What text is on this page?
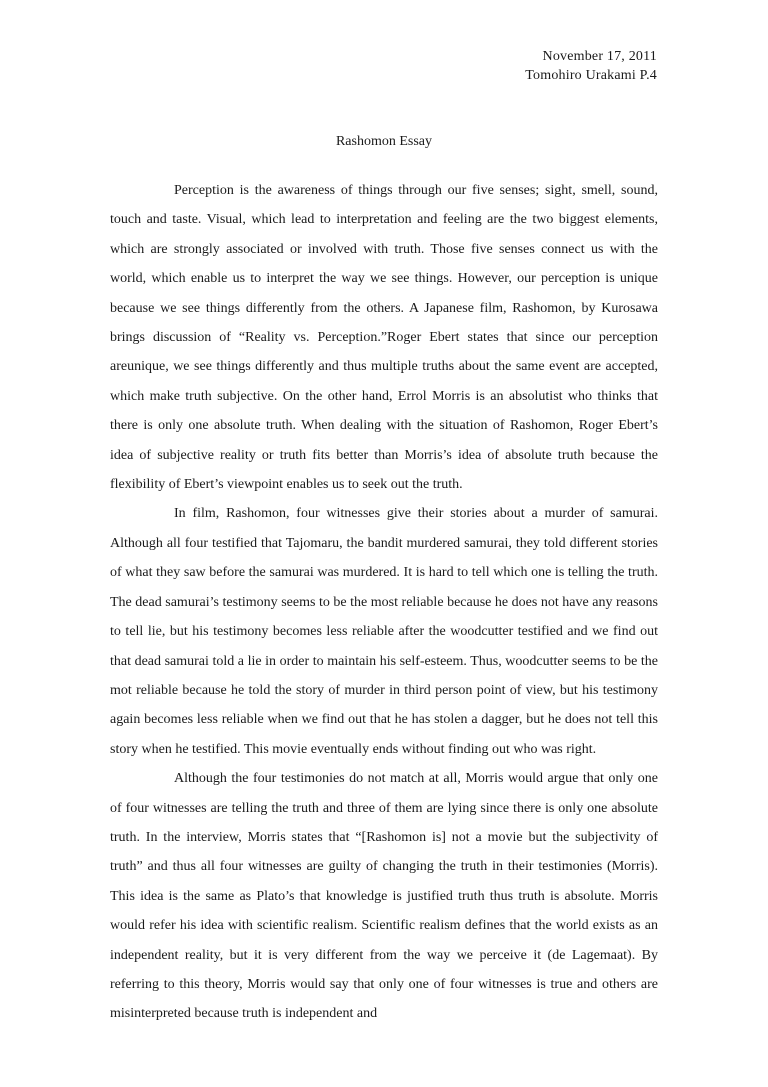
November 17, 2011
Tomohiro Urakami P.4
Rashomon Essay

Perception is the awareness of things through our five senses; sight, smell, sound, touch and taste. Visual, which lead to interpretation and feeling are the two biggest elements, which are strongly associated or involved with truth. Those five senses connect us with the world, which enable us to interpret the way we see things. However, our perception is unique because we see things differently from the others. A Japanese film, Rashomon, by Kurosawa brings discussion of “Reality vs. Perception.”Roger Ebert states that since our perception areunique, we see things differently and thus multiple truths about the same event are accepted, which make truth subjective. On the other hand, Errol Morris is an absolutist who thinks that there is only one absolute truth. When dealing with the situation of Rashomon, Roger Ebert’s idea of subjective reality or truth fits better than Morris’s idea of absolute truth because the flexibility of Ebert’s viewpoint enables us to seek out the truth.

In film, Rashomon, four witnesses give their stories about a murder of samurai. Although all four testified that Tajomaru, the bandit murdered samurai, they told different stories of what they saw before the samurai was murdered. It is hard to tell which one is telling the truth. The dead samurai’s testimony seems to be the most reliable because he does not have any reasons to tell lie, but his testimony becomes less reliable after the woodcutter testified and we find out that dead samurai told a lie in order to maintain his self-esteem. Thus, woodcutter seems to be the mot reliable because he told the story of murder in third person point of view, but his testimony again becomes less reliable when we find out that he has stolen a dagger, but he does not tell this story when he testified. This movie eventually ends without finding out who was right.

Although the four testimonies do not match at all, Morris would argue that only one of four witnesses are telling the truth and three of them are lying since there is only one absolute truth. In the interview, Morris states that “[Rashomon is] not a movie but the subjectivity of truth” and thus all four witnesses are guilty of changing the truth in their testimonies (Morris). This idea is the same as Plato’s that knowledge is justified truth thus truth is absolute. Morris would refer his idea with scientific realism. Scientific realism defines that the world exists as an independent reality, but it is very different from the way we perceive it (de Lagemaat). By referring to this theory, Morris would say that only one of four witnesses is true and others are misinterpreted because truth is independent and
